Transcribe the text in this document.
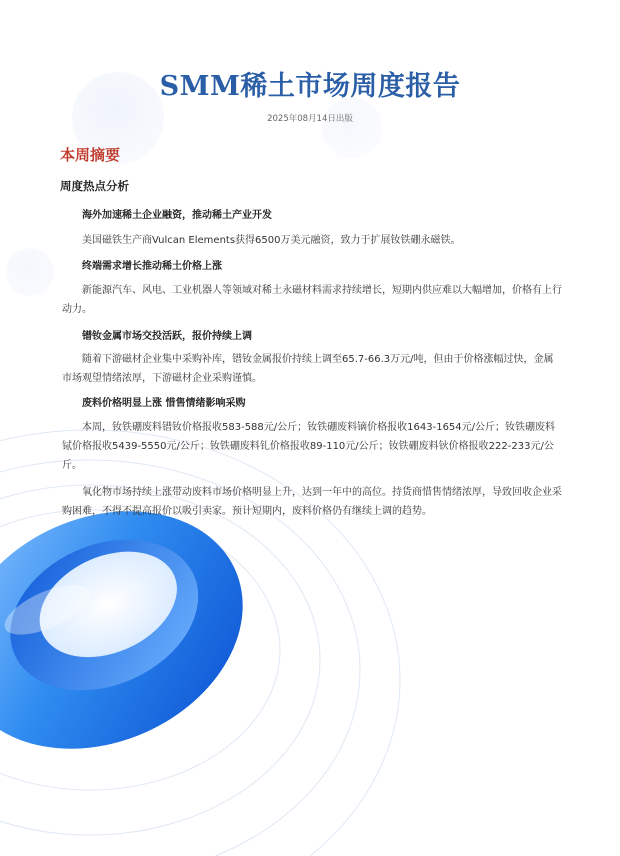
SMM稀土市场周度报告
2025年08月14日出版
本周摘要
周度热点分析
海外加速稀土企业融资，推动稀土产业开发

美国磁铁生产商Vulcan Elements获得6500万美元融资，致力于扩展钕铁硼永磁铁。

终端需求增长推动稀土价格上涨

新能源汽车、风电、工业机器人等领域对稀土永磁材料需求持续增长，短期内供应难以大幅增加，价格有上行动力。

镨钕金属市场交投活跃，报价持续上调

随着下游磁材企业集中采购补库，镨钕金属报价持续上调至65.7-66.3万元/吨，但由于价格涨幅过快，金属市场观望情绪浓厚，下游磁材企业采购谨慎。

废料价格明显上涨 惜售情绪影响采购

本周，钕铁硼废料镨钕价格报收583-588元/公斤；钕铁硼废料镝价格报收1643-1654元/公斤；钕铁硼废料铽价格报收5439-5550元/公斤；钕铁硼废料钆价格报收89-110元/公斤；钕铁硼废料钬价格报收222-233元/公斤。

氧化物市场持续上涨带动废料市场价格明显上升，达到一年中的高位。持货商惜售情绪浓厚，导致回收企业采购困难，不得不提高报价以吸引卖家。预计短期内，废料价格仍有继续上调的趋势。
